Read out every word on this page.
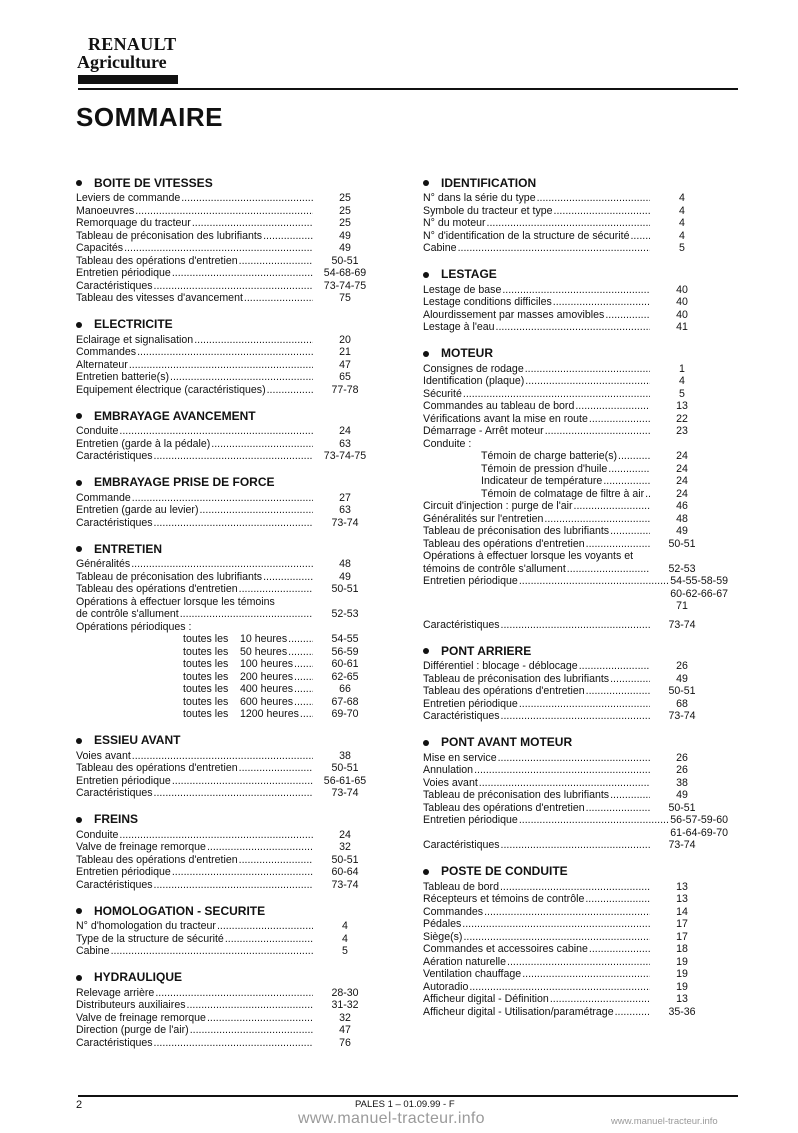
RENAULT
Agriculture
SOMMAIRE
BOITE DE VITESSES
Leviers de commande .....	25
Manoeuvres .....	25
Remorquage du tracteur .....	25
Tableau de préconisation des lubrifiants .....	49
Capacités .....	49
Tableau des opérations d'entretien .....	50-51
Entretien périodique .....	54-68-69
Caractéristiques .....	73-74-75
Tableau des vitesses d'avancement .....	75
ELECTRICITE
Eclairage et signalisation .....	20
Commandes .....	21
Alternateur .....	47
Entretien batterie(s) .....	65
Equipement électrique (caractéristiques) .....	77-78
EMBRAYAGE AVANCEMENT
Conduite .....	24
Entretien (garde à la pédale) .....	63
Caractéristiques .....	73-74-75
EMBRAYAGE PRISE DE FORCE
Commande .....	27
Entretien (garde au levier) .....	63
Caractéristiques .....	73-74
ENTRETIEN
Généralités .....	48
Tableau de préconisation des lubrifiants .....	49
Tableau des opérations d'entretien .....	50-51
Opérations à effectuer lorsque les témoins
de contrôle s'allument .....	52-53
Opérations périodiques :
toutes les	10 heures .....	54-55
toutes les	50 heures .....	56-59
toutes les	100 heures .....	60-61
toutes les	200 heures .....	62-65
toutes les	400 heures .....	66
toutes les	600 heures .....	67-68
toutes les	1200 heures .....	69-70
ESSIEU AVANT
Voies avant .....	38
Tableau des opérations d'entretien .....	50-51
Entretien périodique .....	56-61-65
Caractéristiques .....	73-74
FREINS
Conduite .....	24
Valve de freinage remorque .....	32
Tableau des opérations d'entretien .....	50-51
Entretien périodique .....	60-64
Caractéristiques .....	73-74
HOMOLOGATION - SECURITE
N° d'homologation du tracteur .....	4
Type de la structure de sécurité .....	4
Cabine .....	5
HYDRAULIQUE
Relevage arrière .....	28-30
Distributeurs auxiliaires .....	31-32
Valve de freinage remorque .....	32
Direction (purge de l'air) .....	47
Caractéristiques .....	76
IDENTIFICATION
N° dans la série du type .....	4
Symbole du tracteur et type .....	4
N° du moteur .....	4
N° d'identification de la structure de sécurité .....	4
Cabine .....	5
LESTAGE
Lestage de base .....	40
Lestage conditions difficiles .....	40
Alourdissement par masses amovibles .....	40
Lestage à l'eau .....	41
MOTEUR
Consignes de rodage .....	1
Identification (plaque) .....	4
Sécurité .....	5
Commandes au tableau de bord .....	13
Vérifications avant la mise en route .....	22
Démarrage - Arrêt moteur .....	23
Conduite :
Témoin de charge batterie(s) .....	24
Témoin de pression d'huile .....	24
Indicateur de température .....	24
Témoin de colmatage de filtre à air .....	24
Circuit d'injection : purge de l'air .....	46
Généralités sur l'entretien .....	48
Tableau de préconisation des lubrifiants .....	49
Tableau des opérations d'entretien .....	50-51
Opérations à effectuer lorsque les voyants et
témoins de contrôle s'allument .....	52-53
Entretien périodique .....	54-55-58-59
60-62-66-67
71
Caractéristiques .....	73-74
PONT ARRIERE
Différentiel : blocage - déblocage .....	26
Tableau de préconisation des lubrifiants .....	49
Tableau des opérations d'entretien .....	50-51
Entretien périodique .....	68
Caractéristiques .....	73-74
PONT AVANT MOTEUR
Mise en service .....	26
Annulation .....	26
Voies avant .....	38
Tableau de préconisation des lubrifiants .....	49
Tableau des opérations d'entretien .....	50-51
Entretien périodique .....	56-57-59-60
61-64-69-70
Caractéristiques .....	73-74
POSTE DE CONDUITE
Tableau de bord .....	13
Récepteurs et témoins de contrôle .....	13
Commandes .....	14
Pédales .....	17
Siège(s) .....	17
Commandes et accessoires cabine .....	18
Aération naturelle .....	19
Ventilation chauffage .....	19
Autoradio .....	19
Afficheur digital - Définition .....	13
Afficheur digital - Utilisation/paramétrage .....	35-36
2	PALES 1 – 01.09.99 - F
www.manuel-tracteur.info	www.manuel-tracteur.info
